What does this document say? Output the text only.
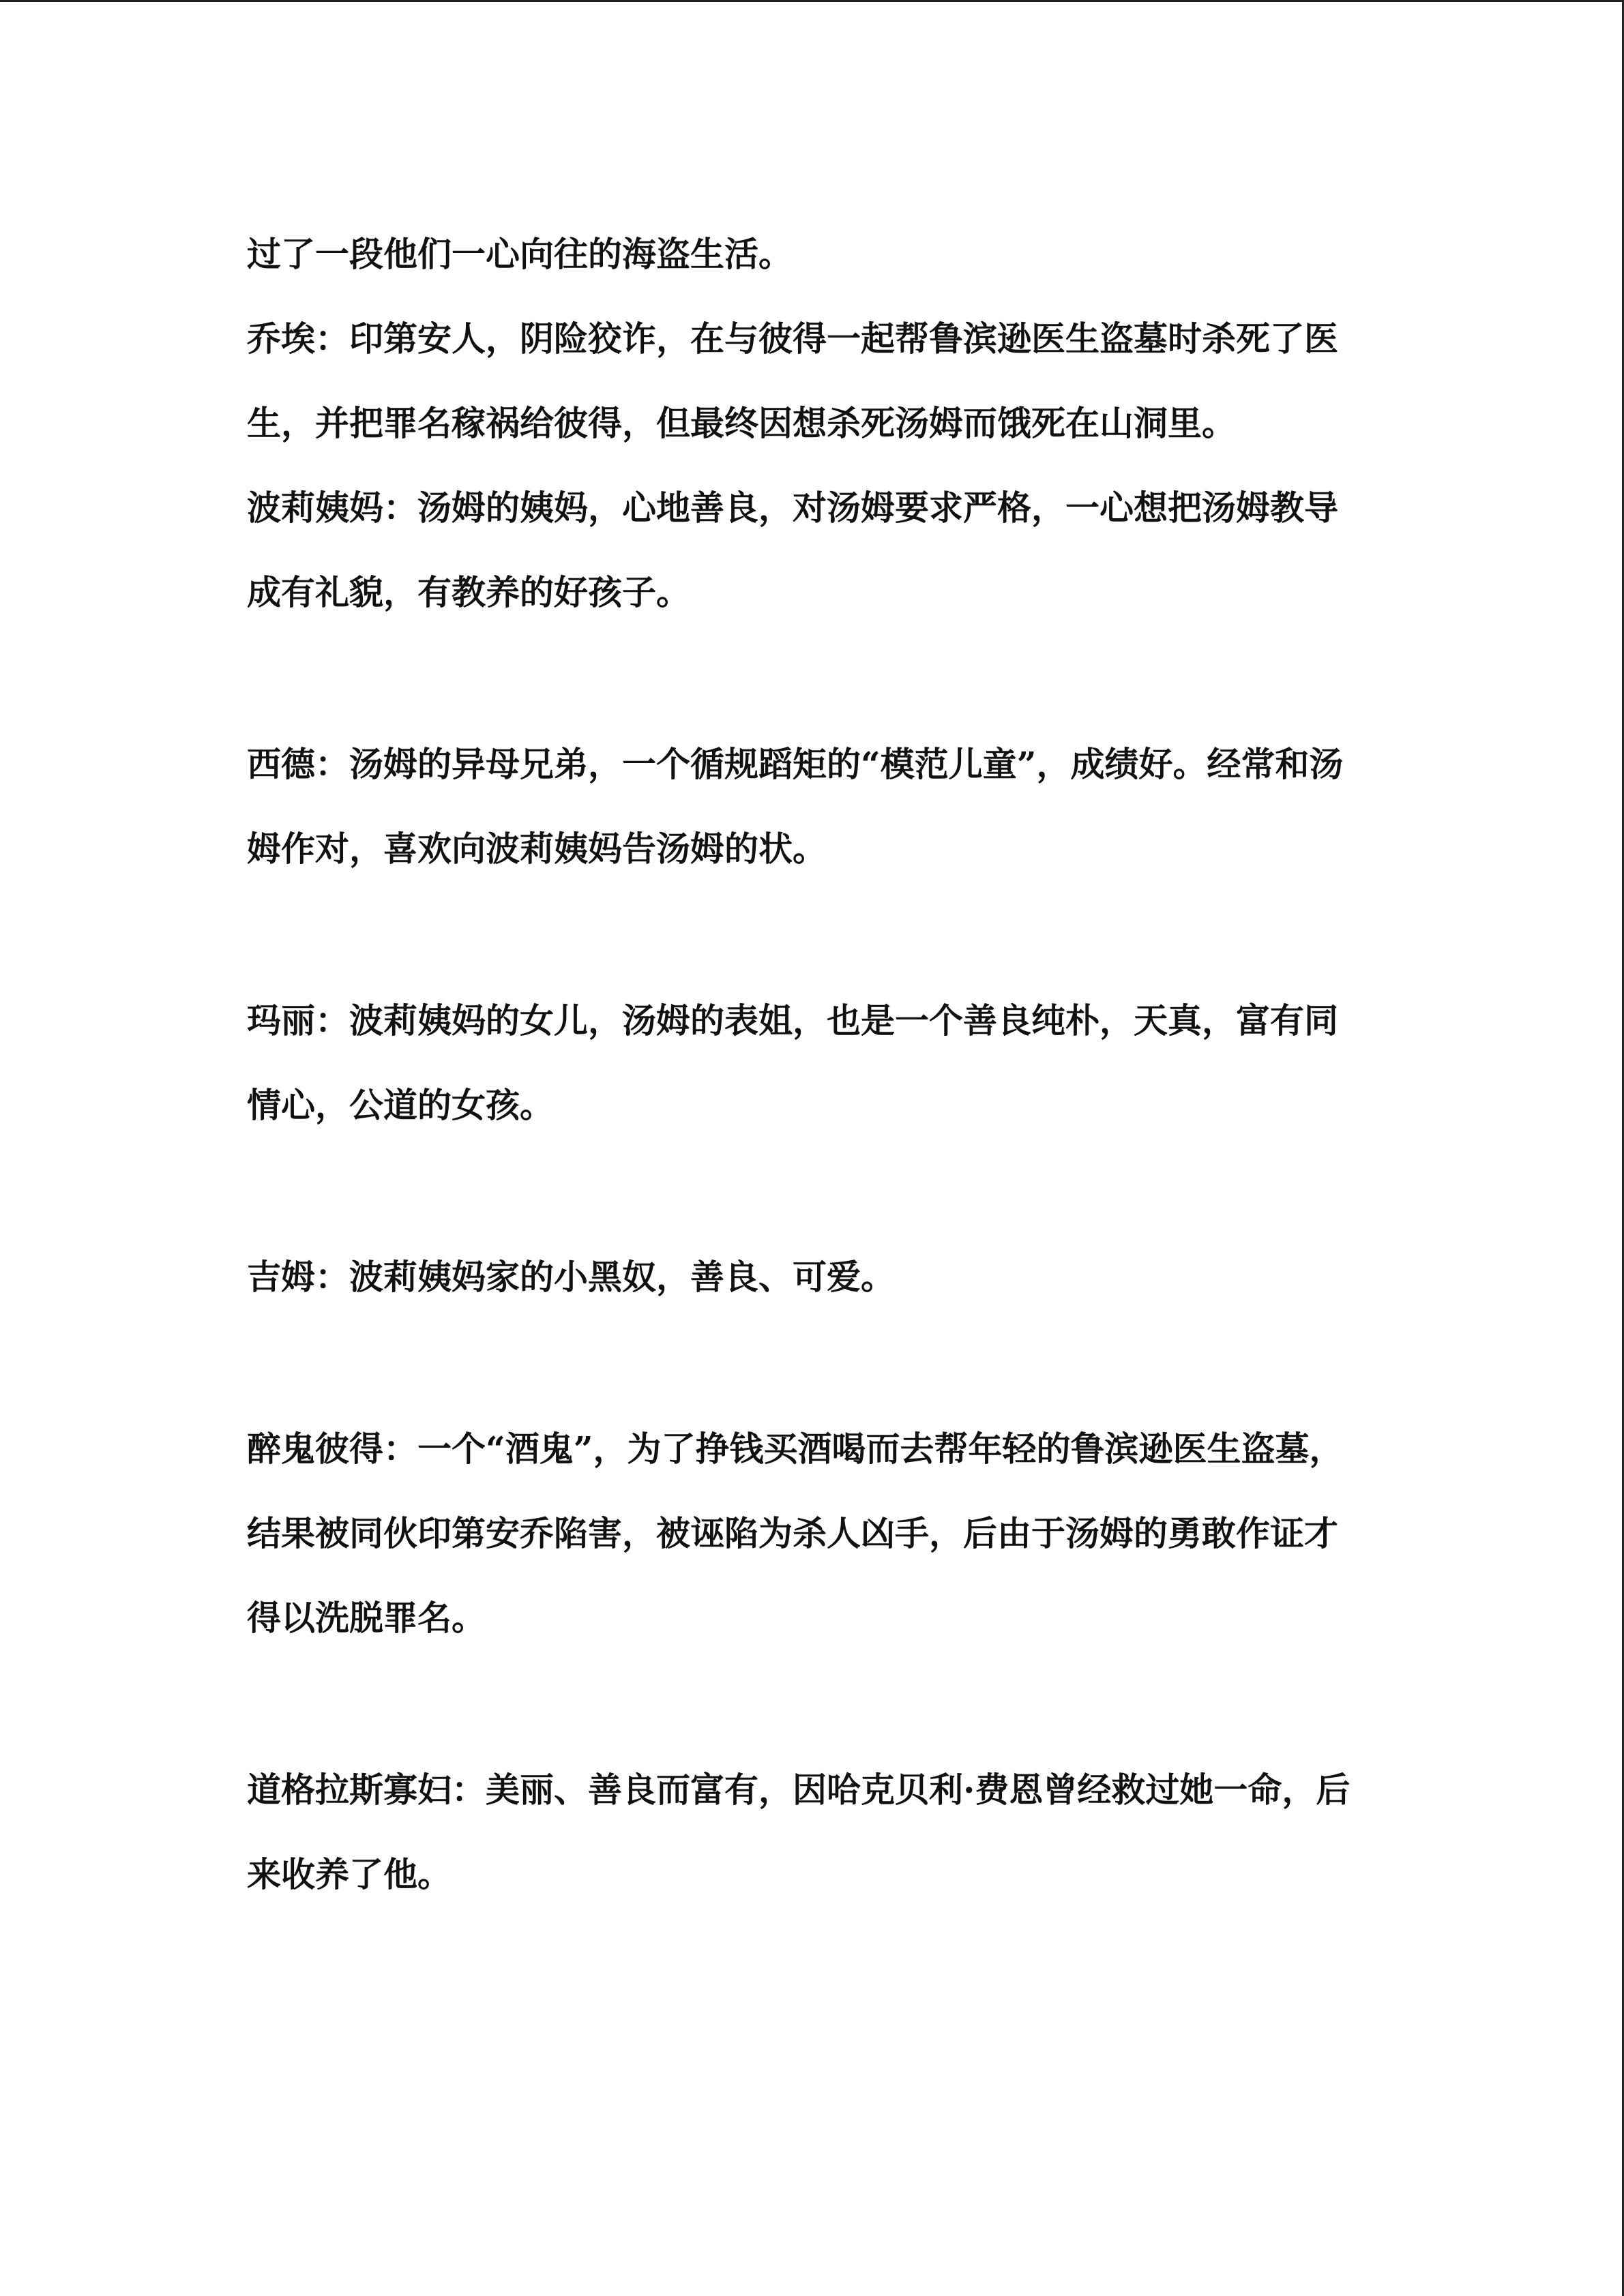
过了一段他们一心向往的海盗生活。

乔埃：印第安人，阴险狡诈，在与彼得一起帮鲁滨逊医生盗墓时杀死了医生，并把罪名稼祸给彼得，但最终因想杀死汤姆而饿死在山洞里。

波莉姨妈：汤姆的姨妈，心地善良，对汤姆要求严格，一心想把汤姆教导成有礼貌，有教养的好孩子。

西德：汤姆的异母兄弟，一个循规蹈矩的“模范儿童”，成绩好。经常和汤姆作对，喜欢向波莉姨妈告汤姆的状。

玛丽：波莉姨妈的女儿，汤姆的表姐，也是一个善良纯朴，天真，富有同情心，公道的女孩。

吉姆：波莉姨妈家的小黑奴，善良、可爱。

醉鬼彼得：一个“酒鬼”，为了挣钱买酒喝而去帮年轻的鲁滨逊医生盗墓，结果被同伙印第安乔陷害，被诬陷为杀人凶手，后由于汤姆的勇敢作证才得以洗脱罪名。

道格拉斯寡妇：美丽、善良而富有，因哈克贝利·费恩曾经救过她一命，后来收养了他。
